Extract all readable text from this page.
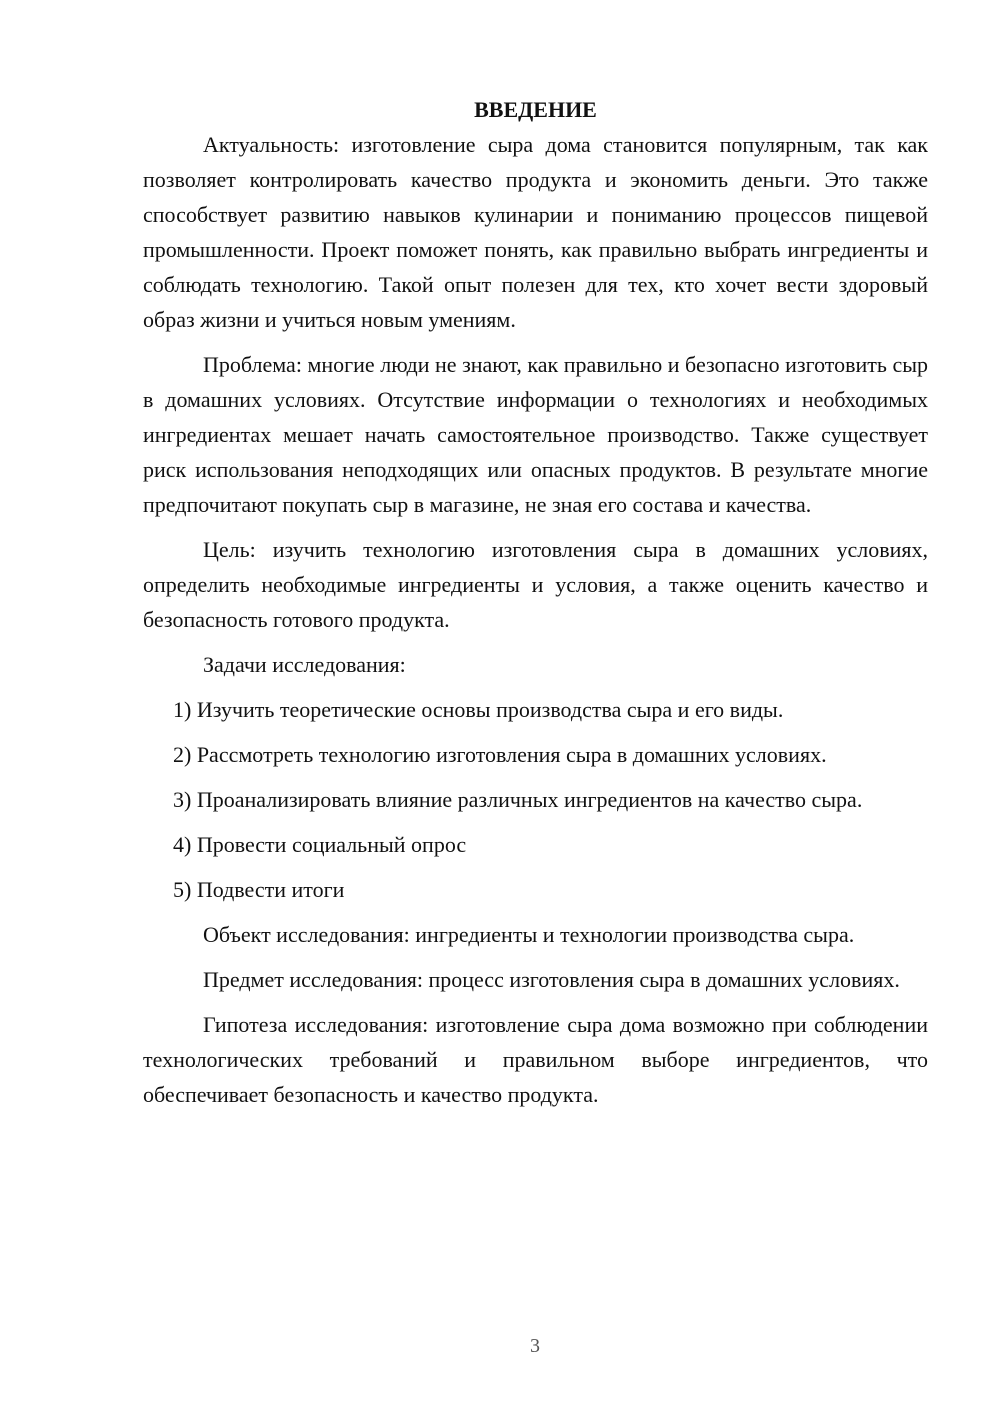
ВВЕДЕНИЕ

Актуальность: изготовление сыра дома становится популярным, так как позволяет контролировать качество продукта и экономить деньги. Это также способствует развитию навыков кулинарии и пониманию процессов пищевой промышленности. Проект поможет понять, как правильно выбрать ингредиенты и соблюдать технологию. Такой опыт полезен для тех, кто хочет вести здоровый образ жизни и учиться новым умениям.

Проблема: многие люди не знают, как правильно и безопасно изготовить сыр в домашних условиях. Отсутствие информации о технологиях и необходимых ингредиентах мешает начать самостоятельное производство. Также существует риск использования неподходящих или опасных продуктов. В результате многие предпочитают покупать сыр в магазине, не зная его состава и качества.

Цель: изучить технологию изготовления сыра в домашних условиях, определить необходимые ингредиенты и условия, а также оценить качество и безопасность готового продукта.

Задачи исследования:

1) Изучить теоретические основы производства сыра и его виды.

2) Рассмотреть технологию изготовления сыра в домашних условиях.

3) Проанализировать влияние различных ингредиентов на качество сыра.

4) Провести социальный опрос

5) Подвести итоги

Объект исследования: ингредиенты и технологии производства сыра.

Предмет исследования: процесс изготовления сыра в домашних условиях.

Гипотеза исследования: изготовление сыра дома возможно при соблюдении технологических требований и правильном выборе ингредиентов, что обеспечивает безопасность и качество продукта.

3
